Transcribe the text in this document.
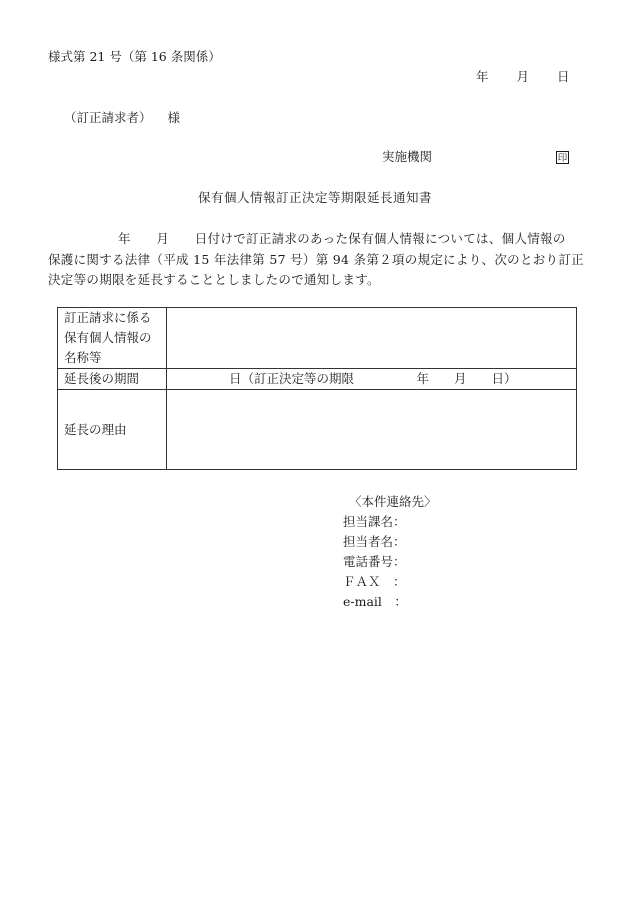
様式第 21 号（第 16 条関係）
年 月 日
（訂正請求者） 様
実施機関	印
保有個人情報訂正決定等期限延長通知書
年　　月　　日付けで訂正請求のあった保有個人情報については、個人情報の
保護に関する法律（平成 15 年法律第 57 号）第 94 条第２項の規定により、次のとおり訂正
決定等の期限を延長することとしましたので通知します。
訂正請求に係る
保有個人情報の
名称等	

延長後の期間	日（訂正決定等の期限　　　　　年　　月　　日）
延長の理由	
〈本件連絡先〉
担当課名：
担当者名：
電話番号：
ＦＡＸ　：
e-mail　：
